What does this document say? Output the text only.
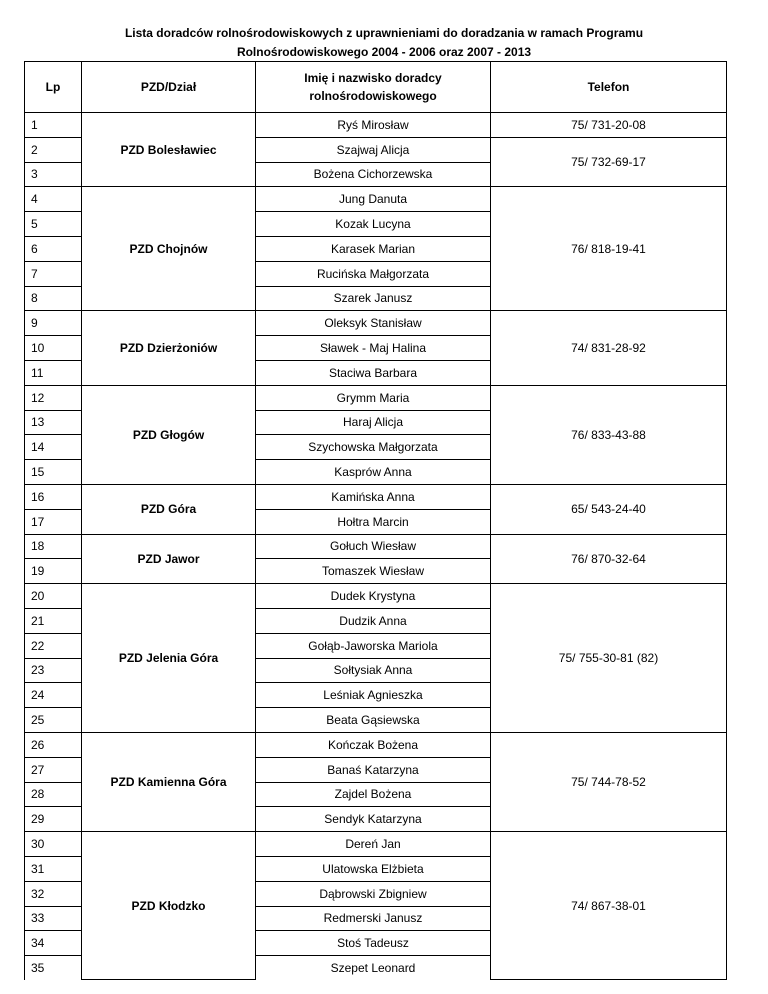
Lista doradców rolnośrodowiskowych z uprawnieniami do doradzania w ramach Programu
Rolnośrodowiskowego 2004 - 2006 oraz 2007 - 2013
Lp	PZD/Dział	Imię i nazwisko doradcy rolnośrodowiskowego	Telefon
1	PZD Bolesławiec	Ryś Mirosław	75/ 731-20-08
2		Szajwaj Alicja	75/ 732-69-17
3		Bożena Cichorzewska	
4	PZD Chojnów	Jung Danuta	76/ 818-19-41
5		Kozak Lucyna	
6		Karasek Marian	
7		Rucińska Małgorzata	
8		Szarek Janusz	
9	PZD Dzierżoniów	Oleksyk Stanisław	74/ 831-28-92
10		Sławek - Maj Halina	
11		Staciwa Barbara	
12	PZD Głogów	Grymm Maria	76/ 833-43-88
13		Haraj Alicja	
14		Szychowska Małgorzata	
15		Kasprów Anna	
16	PZD Góra	Kamińska Anna	65/ 543-24-40
17		Hołtra Marcin	
18	PZD Jawor	Gołuch Wiesław	76/ 870-32-64
19		Tomaszek Wiesław	
20	PZD Jelenia Góra	Dudek Krystyna	75/ 755-30-81 (82)
21		Dudzik Anna	
22		Gołąb-Jaworska Mariola	
23		Sołtysiak Anna	
24		Leśniak Agnieszka	
25		Beata Gąsiewska	
26	PZD Kamienna Góra	Kończak Bożena	75/ 744-78-52
27		Banaś Katarzyna	
28		Zajdel Bożena	
29		Sendyk Katarzyna	
30	PZD Kłodzko	Dereń Jan	74/ 867-38-01
31		Ulatowska Elżbieta	
32		Dąbrowski Zbigniew	
33		Redmerski Janusz	
34		Stoś Tadeusz	
35		Szepet Leonard	
